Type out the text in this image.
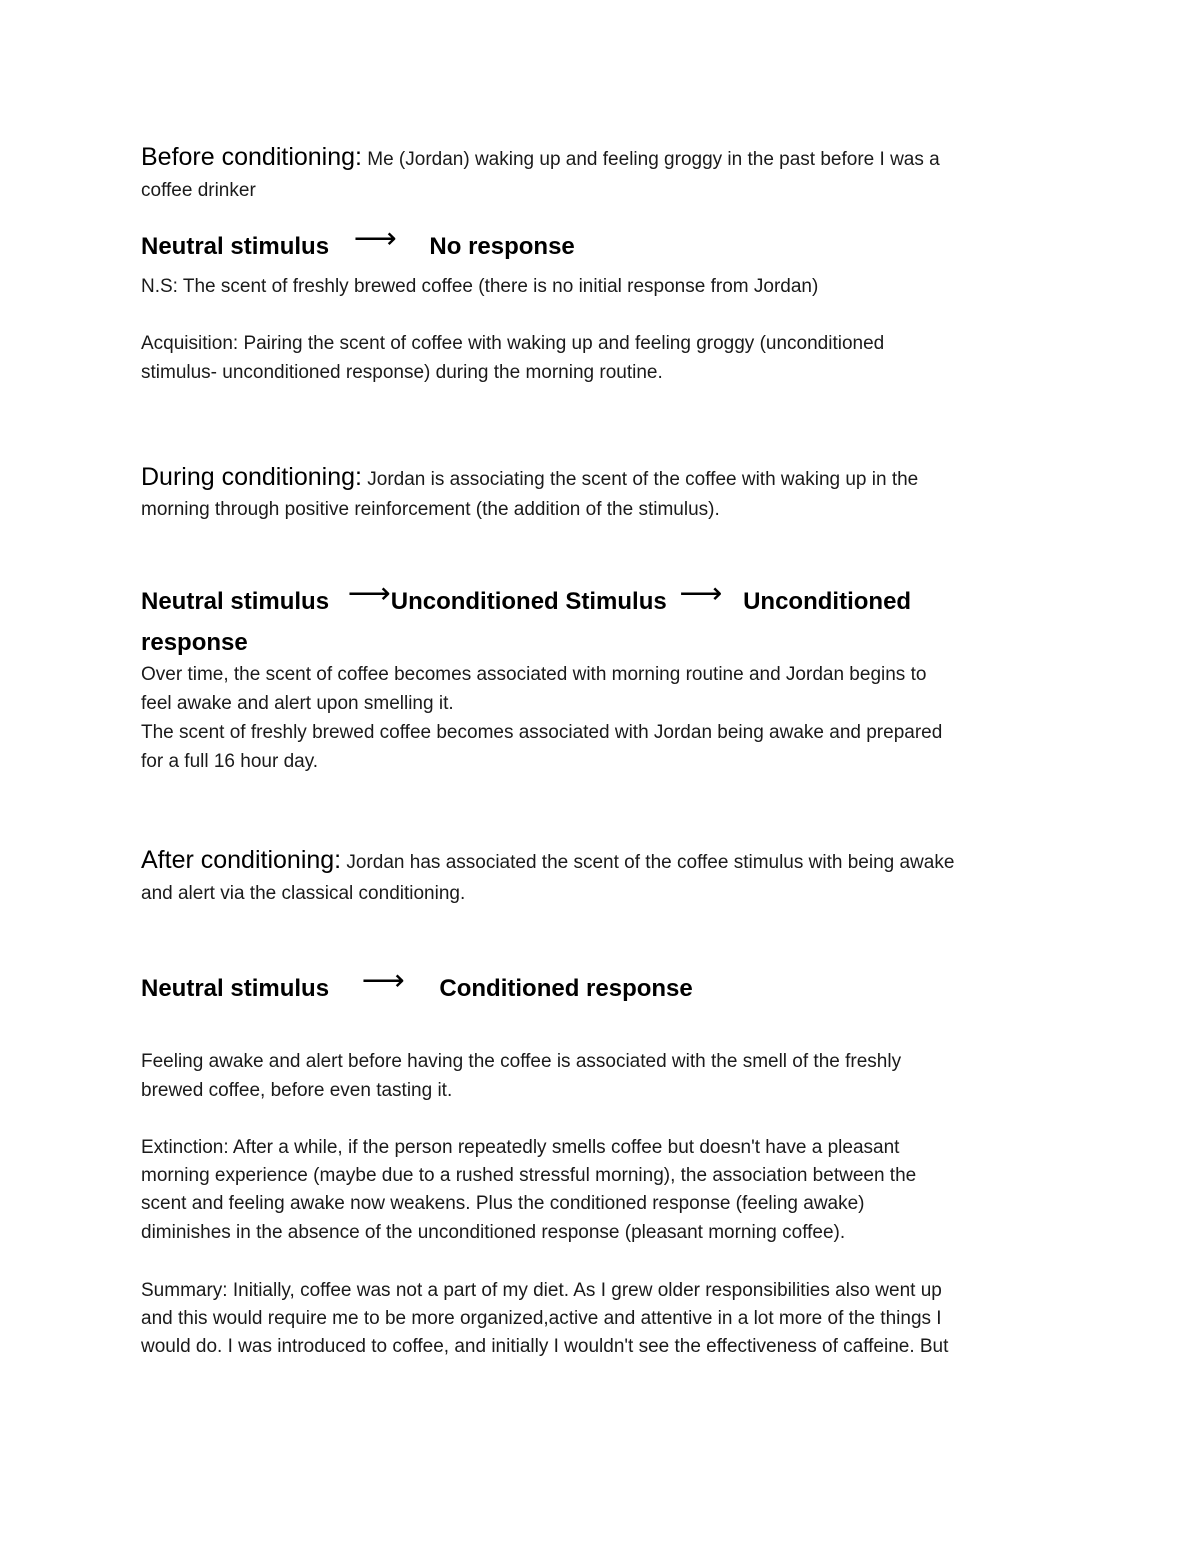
Before conditioning: Me (Jordan) waking up and feeling groggy in the past before I was a

coffee drinker

Neutral stimulus ⟶ No response

N.S: The scent of freshly brewed coffee (there is no initial response from Jordan)

Acquisition: Pairing the scent of coffee with waking up and feeling groggy (unconditioned

stimulus- unconditioned response) during the morning routine.

During conditioning: Jordan is associating the scent of the coffee with waking up in the

morning through positive reinforcement (the addition of the stimulus).

Neutral stimulus ⟶Unconditioned Stimulus ⟶ Unconditioned
response

Over time, the scent of coffee becomes associated with morning routine and Jordan begins to

feel awake and alert upon smelling it.

The scent of freshly brewed coffee becomes associated with Jordan being awake and prepared

for a full 16 hour day.

After conditioning: Jordan has associated the scent of the coffee stimulus with being awake

and alert via the classical conditioning.

Neutral stimulus ⟶ Conditioned response

Feeling awake and alert before having the coffee is associated with the smell of the freshly

brewed coffee, before even tasting it.

Extinction: After a while, if the person repeatedly smells coffee but doesn't have a pleasant

morning experience (maybe due to a rushed stressful morning), the association between the

scent and feeling awake now weakens. Plus the conditioned response (feeling awake)

diminishes in the absence of the unconditioned response (pleasant morning coffee).

Summary: Initially, coffee was not a part of my diet. As I grew older responsibilities also went up

and this would require me to be more organized,active and attentive in a lot more of the things I

would do. I was introduced to coffee, and initially I wouldn't see the effectiveness of caffeine. But
